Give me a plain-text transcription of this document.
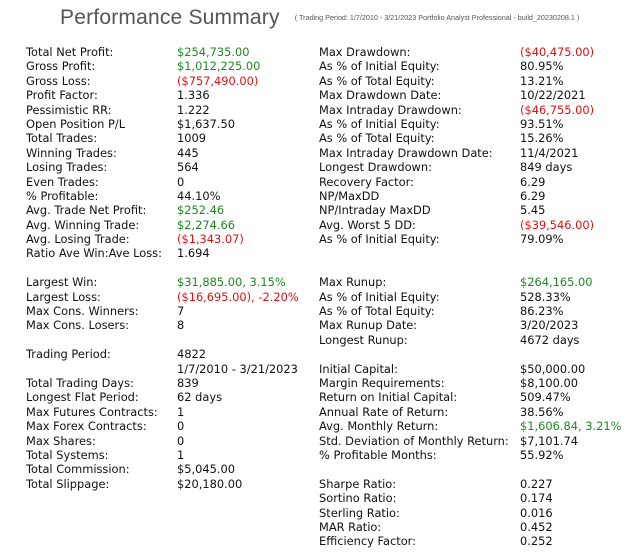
Performance Summary $^{( Trading Period: 1/7/2010 - 3/21/2023 Portfolio Analyst Professional - build\_20230208.1 )}$
Total Net Profit:	$254,735.00
Gross Profit:	$1,012,225.00
Gross Loss:	($757,490.00)
Profit Factor:	1.336
Pessimistic RR:	1.222
Open Position P/L	$1,637.50
Total Trades:	1009
Winning Trades:	445
Losing Trades:	564
Even Trades:	0
% Profitable:	44.10%
Avg. Trade Net Profit:	$252.46
Avg. Winning Trade:	$2,274.66
Avg. Losing Trade:	($1,343.07)
Ratio Ave Win:Ave Loss: 1.694
Largest Win:	$31,885.00, 3.15%
Largest Loss:	($16,695.00), -2.20%
Max Cons. Winners:	7
Max Cons. Losers:	8
Trading Period:	4822
1/7/2010 - 3/21/2023
Total Trading Days:	839
Longest Flat Period:	62 days
Max Futures Contracts: 1
Max Forex Contracts:	0
Max Shares:	0
Total Systems:	1
Total Commission:	$5,045.00
Total Slippage:	$20,180.00
Max Drawdown:	($40,475.00)
As % of Initial Equity:	80.95%
As % of Total Equity:	13.21%
Max Drawdown Date:	10/22/2021
Max Intraday Drawdown:	($46,755.00)
As % of Initial Equity:	93.51%
As % of Total Equity:	15.26%
Max Intraday Drawdown Date: 11/4/2021
Longest Drawdown:	849 days
Recovery Factor:	6.29
NP/MaxDD	6.29
NP/Intraday MaxDD	5.45
Avg. Worst 5 DD:	($39,546.00)
As % of Initial Equity:	79.09%
Max Runup:	$264,165.00
As % of Initial Equity:	528.33%
As % of Total Equity:	86.23%
Max Runup Date:	3/20/2023
Longest Runup:	4672 days
Initial Capital:	$50,000.00
Margin Requirements:	$8,100.00
Return on Initial Capital:	509.47%
Annual Rate of Return:	38.56%
Avg. Monthly Return:	$1,606.84, 3.21%
Std. Deviation of Monthly Return: $7,101.74
% Profitable Months:	55.92%
Sharpe Ratio:	0.227
Sortino Ratio:	0.174
Sterling Ratio:	0.016
MAR Ratio:	0.452
Efficiency Factor:	0.252
